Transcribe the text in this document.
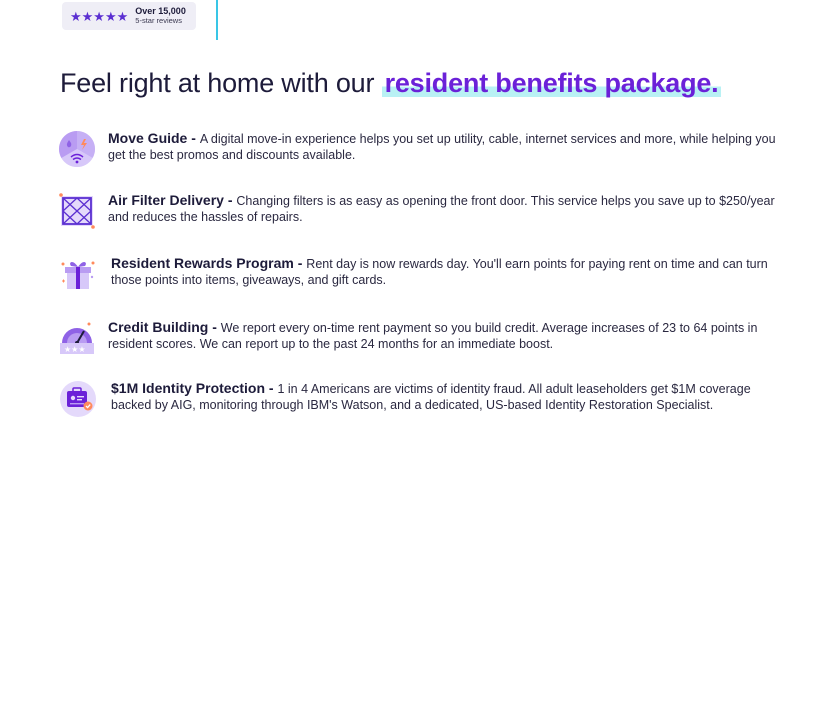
★★★★★ Over 15,000
5-star reviews
Feel right at home with our resident benefits package.
Move Guide - A digital move-in experience helps you set up utility, cable, internet services and more, while helping you get the best promos and discounts available.
Air Filter Delivery - Changing filters is as easy as opening the front door. This service helps you save up to $250/year and reduces the hassles of repairs.
Resident Rewards Program - Rent day is now rewards day. You'll earn points for paying rent on time and can turn those points into items, giveaways, and gift cards.
★★★
Credit Building - We report every on-time rent payment so you build credit. Average increases of 23 to 64 points in resident scores. We can report up to the past 24 months for an immediate boost.
$1M Identity Protection - 1 in 4 Americans are victims of identity fraud. All adult leaseholders get $1M coverage backed by AIG, monitoring through IBM's Watson, and a dedicated, US-based Identity Restoration Specialist.
